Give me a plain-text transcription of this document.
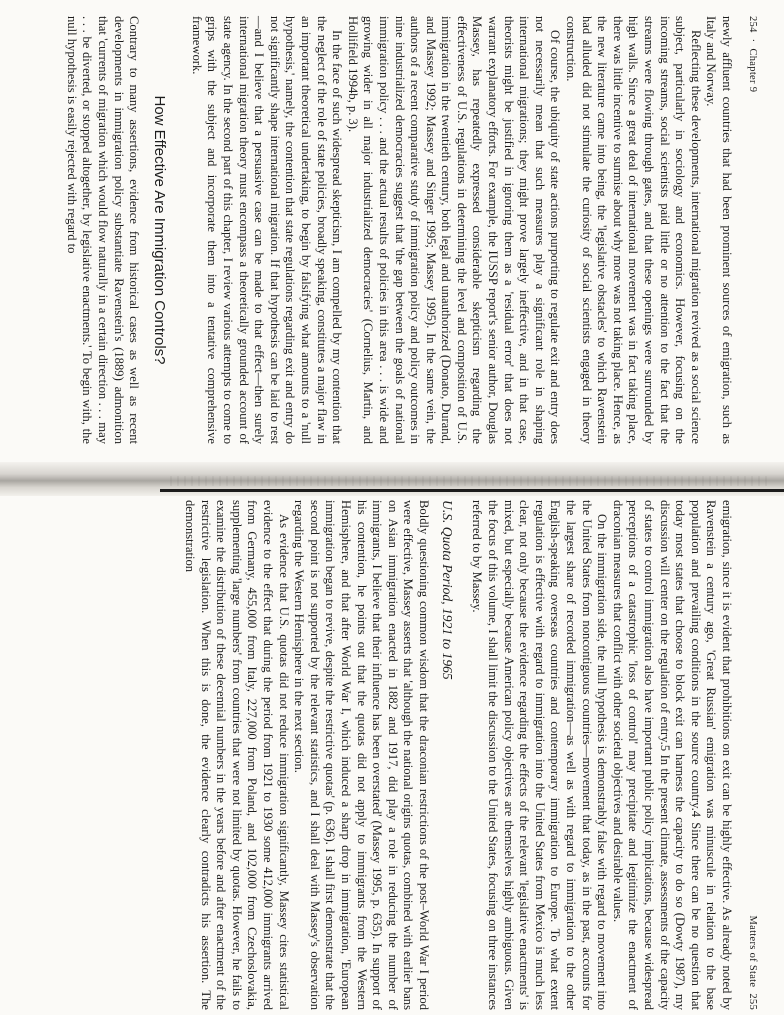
254
·
Chapter 9

newly affluent countries that had been prominent sources of emigration, such as Italy and Norway.

Reflecting these developments, international migration revived as a social science subject, particularly in sociology and economics. However, focusing on the incoming streams, social scientists paid little or no attention to the fact that the streams were flowing through gates, and that these openings were surrounded by high walls. Since a great deal of international movement was in fact taking place, there was little incentive to surmise about why more was not taking place. Hence, as the new literature came into being, the 'legislative obstacles' to which Ravenstein had alluded did not stimulate the curiosity of social scientists engaged in theory construction.

Of course, the ubiquity of state actions purporting to regulate exit and entry does not necessarily mean that such measures play a significant role in shaping international migrations; they might prove largely ineffective, and in that case, theorists might be justified in ignoring them as a 'residual error' that does not warrant explanatory efforts. For example, the IUSSP report's senior author, Douglas Massey, has repeatedly expressed considerable skepticism regarding the effectiveness of U.S. regulations in determining the level and composition of U.S. immigration in the twentieth century, both legal and unauthorized (Donato, Durand, and Massey 1992; Massey and Singer 1995; Massey 1995). In the same vein, the authors of a recent comparative study of immigration policy and policy outcomes in nine industrialized democracies suggest that 'the gap between the goals of national immigration policy . . . and the actual results of policies in this area . . . is wide and growing wider in all major industrialized democracies' (Cornelius, Martin, and Hollifield 1994b, p. 3).

In the face of such widespread skepticism, I am compelled by my contention that the neglect of the role of state policies, broadly speaking, constitutes a major flaw in an important theoretical undertaking, to begin by falsifying what amounts to a 'null hypothesis,' namely, the contention that state regulations regarding exit and entry do not significantly shape international migration. If that hypothesis can be laid to rest—and I believe that a persuasive case can be made to that effect—then surely international migration theory must encompass a theoretically grounded account of state agency. In the second part of this chapter, I review various attempts to come to grips with the subject and incorporate them into a tentative comprehensive framework.

How Effective Are Immigration Controls?

Contrary to many assertions, evidence from historical cases as well as recent developments in immigration policy substantiate Ravenstein's (1889) admonition that 'currents of migration which would flow naturally in a certain direction . . . may . . . be diverted, or stopped altogether, by legislative enactments.' To begin with, the null hypothesis is easily rejected with regard to

Matters of State
255

emigration, since it is evident that prohibitions on exit can be highly effective. As already noted by Ravenstein a century ago, 'Great Russian' emigration was minuscule in relation to the base population and prevailing conditions in the source country.4 Since there can be no question that today most states that choose to block exit can harness the capacity to do so (Dowty 1987), my discussion will center on the regulation of entry.5 In the present climate, assessments of the capacity of states to control immigration also have important public policy implications, because widespread perceptions of a catastrophic 'loss of control' may precipitate and legitimize the enactment of draconian measures that conflict with other societal objectives and desirable values.

On the immigration side, the null hypothesis is demonstrably false with regard to movement into the United States from noncontiguous countries—movement that today, as in the past, accounts for the largest share of recorded immigration—as well as with regard to immigration to the other English-speaking overseas countries and contemporary immigration to Europe. To what extent regulation is effective with regard to immigration into the United States from Mexico is much less clear, not only because the evidence regarding the effects of the relevant 'legislative enactments' is mixed, but especially because American policy objectives are themselves highly ambiguous. Given the focus of this volume, I shall limit the discussion to the United States, focusing on three instances referred to by Massey.

U.S. Quota Period, 1921 to 1965

Boldly questioning common wisdom that the draconian restrictions of the post–World War I period were effective, Massey asserts that 'although the national origins quotas, combined with earlier bans on Asian immigration enacted in 1882 and 1917, did play a role in reducing the number of immigrants, I believe that their influence has been overstated' (Massey 1995, p. 635). In support of his contention, he points out that the quotas did not apply to immigrants from the Western Hemisphere, and that after World War I, which induced a sharp drop in immigration, 'European immigration began to revive, despite the restrictive quotas' (p. 636). I shall first demonstrate that the second point is not supported by the relevant statistics, and I shall deal with Massey's observation regarding the Western Hemisphere in the next section.

As evidence that U.S. quotas did not reduce immigration significantly, Massey cites statistical evidence to the effect that during the period from 1921 to 1930 some 412,000 immigrants arrived from Germany, 455,000 from Italy, 227,000 from Poland, and 102,000 from Czechoslovakia, supplementing 'large numbers' from countries that were not limited by quotas. However, he fails to examine the distribution of these decennial numbers in the years before and after enactment of the restrictive legislation. When this is done, the evidence clearly contradicts his assertion. The demonstration
